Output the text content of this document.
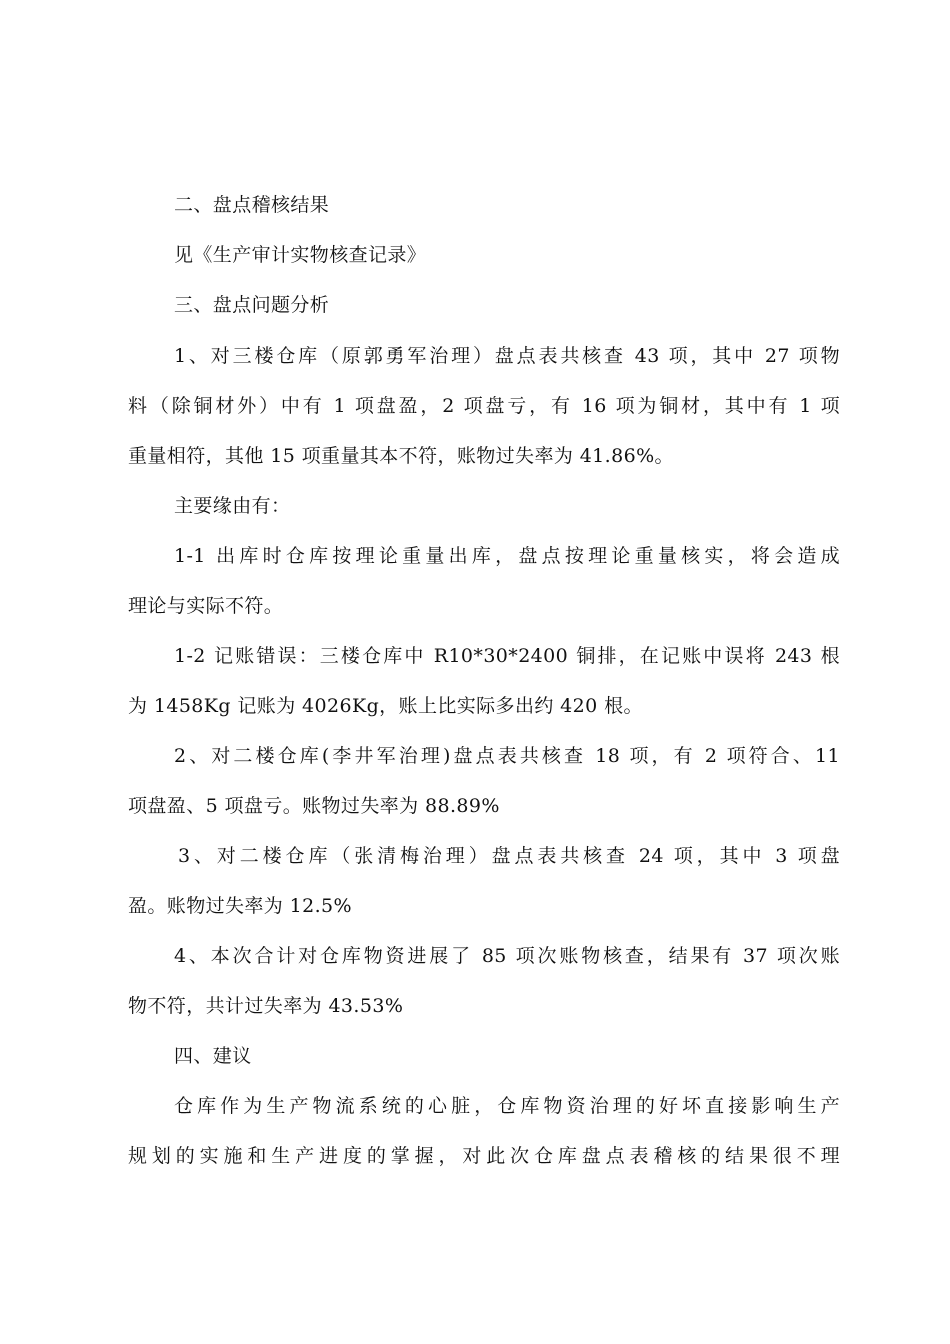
二、盘点稽核结果
见《生产审计实物核查记录》
三、盘点问题分析
1、对三楼仓库（原郭勇军治理）盘点表共核查 43 项，其中 27 项物
料（除铜材外）中有 1 项盘盈，2 项盘亏，有 16 项为铜材，其中有 1 项
重量相符，其他 15 项重量其本不符，账物过失率为 41.86%。
主要缘由有：
1-1 出库时仓库按理论重量出库，盘点按理论重量核实，将会造成
理论与实际不符。
1-2 记账错误：三楼仓库中 R10*30*2400 铜排，在记账中误将 243 根
为 1458Kg 记账为 4026Kg，账上比实际多出约 420 根。
2、对二楼仓库(李井军治理)盘点表共核查 18 项，有 2 项符合、11
项盘盈、5 项盘亏。账物过失率为 88.89%
3、对二楼仓库（张清梅治理）盘点表共核查 24 项，其中 3 项盘
盈。账物过失率为 12.5%
4、本次合计对仓库物资进展了 85 项次账物核查，结果有 37 项次账
物不符，共计过失率为 43.53%
四、建议
仓库作为生产物流系统的心脏，仓库物资治理的好坏直接影响生产
规划的实施和生产进度的掌握，对此次仓库盘点表稽核的结果很不理
